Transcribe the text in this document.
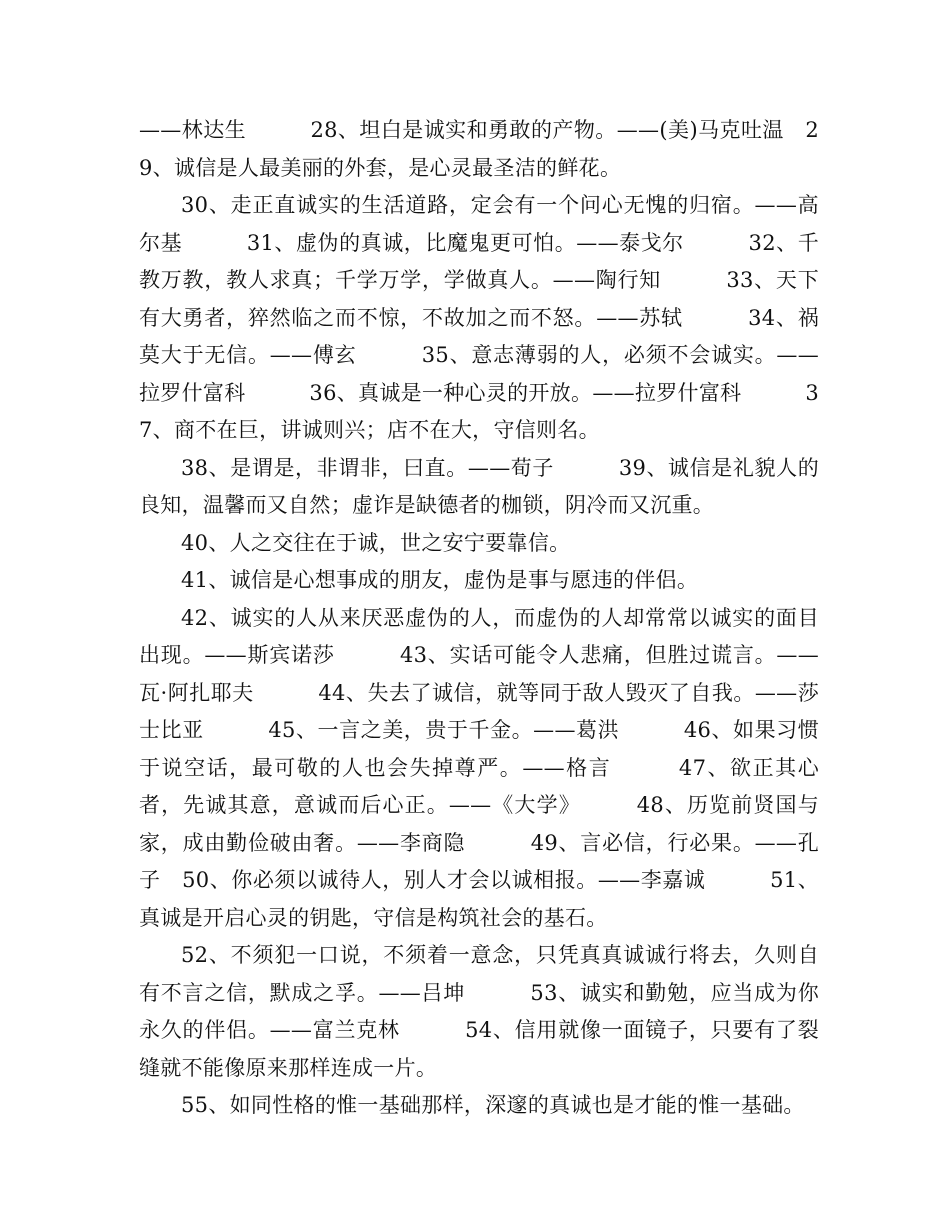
——林达生　　　28、坦白是诚实和勇敢的产物。——(美)马克吐温　29、诚信是人最美丽的外套，是心灵最圣洁的鲜花。

30、走正直诚实的生活道路，定会有一个问心无愧的归宿。——高尔基　　　31、虚伪的真诚，比魔鬼更可怕。——泰戈尔　　　32、千教万教，教人求真；千学万学，学做真人。——陶行知　　　33、天下有大勇者，猝然临之而不惊，不故加之而不怒。——苏轼　　　34、祸莫大于无信。——傅玄　　　35、意志薄弱的人，必须不会诚实。——拉罗什富科　　　36、真诚是一种心灵的开放。——拉罗什富科　　　37、商不在巨，讲诚则兴；店不在大，守信则名。

38、是谓是，非谓非，曰直。——荀子　　　39、诚信是礼貌人的良知，温馨而又自然；虚诈是缺德者的枷锁，阴冷而又沉重。

40、人之交往在于诚，世之安宁要靠信。

41、诚信是心想事成的朋友，虚伪是事与愿违的伴侣。

42、诚实的人从来厌恶虚伪的人，而虚伪的人却常常以诚实的面目出现。——斯宾诺莎　　　43、实话可能令人悲痛，但胜过谎言。——瓦·阿扎耶夫　　　44、失去了诚信，就等同于敌人毁灭了自我。——莎士比亚　　　45、一言之美，贵于千金。——葛洪　　　46、如果习惯于说空话，最可敬的人也会失掉尊严。——格言　　　47、欲正其心者，先诚其意，意诚而后心正。——《大学》　　　48、历览前贤国与家，成由勤俭破由奢。——李商隐　　　49、言必信，行必果。——孔子　50、你必须以诚待人，别人才会以诚相报。——李嘉诚　　　51、真诚是开启心灵的钥匙，守信是构筑社会的基石。

52、不须犯一口说，不须着一意念，只凭真真诚诚行将去，久则自有不言之信，默成之孚。——吕坤　　　53、诚实和勤勉，应当成为你永久的伴侣。——富兰克林　　　54、信用就像一面镜子，只要有了裂缝就不能像原来那样连成一片。

55、如同性格的惟一基础那样，深邃的真诚也是才能的惟一基础。
